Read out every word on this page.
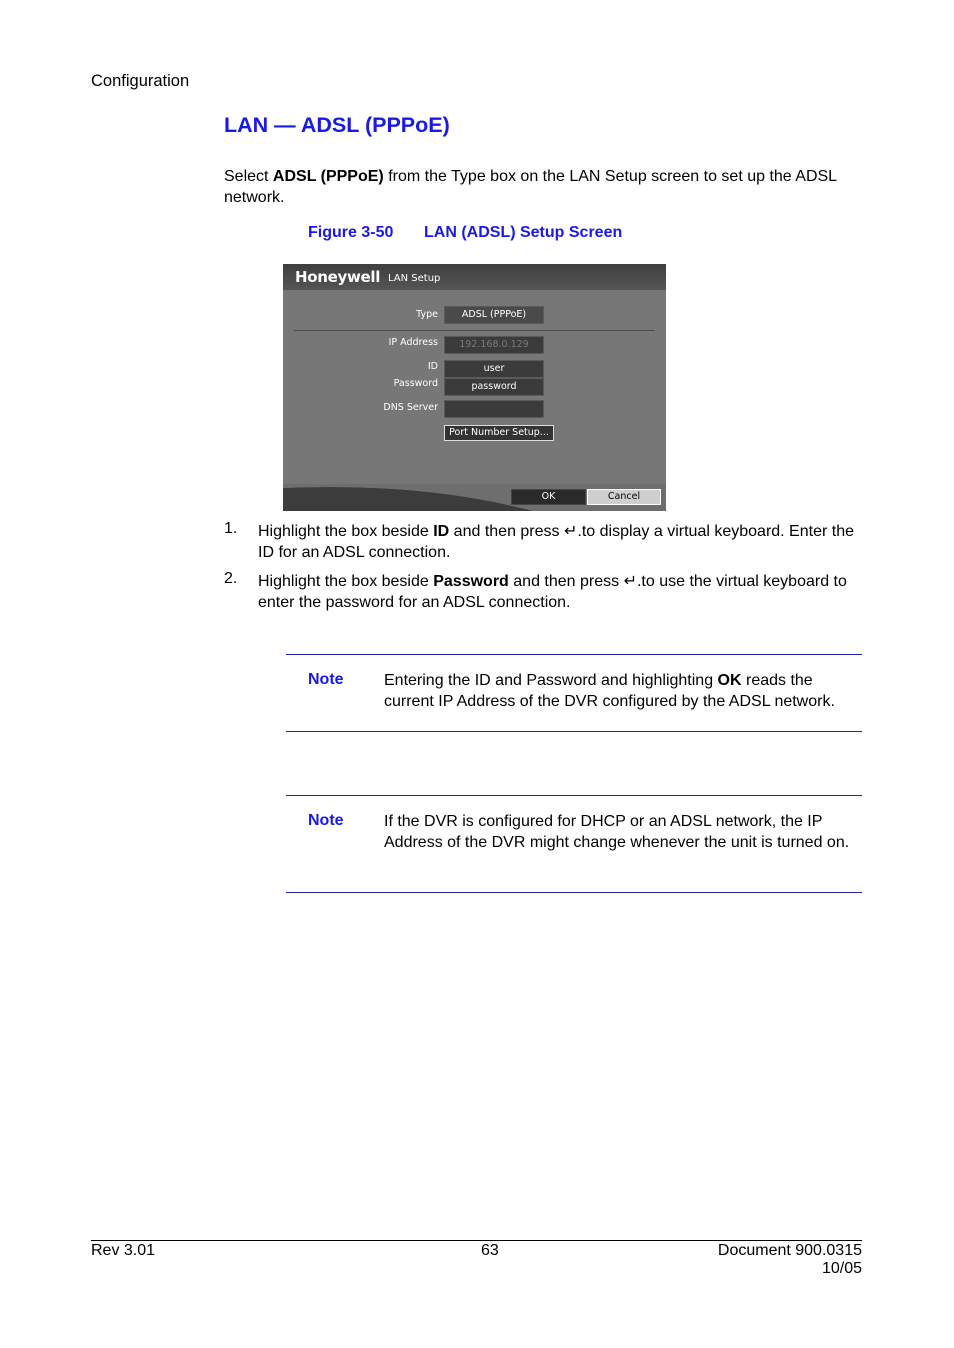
Configuration
LAN — ADSL (PPPoE)
Select ADSL (PPPoE) from the Type box on the LAN Setup screen to set up the ADSL network.
Figure 3-50 LAN (ADSL) Setup Screen
Honeywell LAN Setup
Type	ADSL (PPPoE)
IP Address	192.168.0.129
ID	user
Password	password
DNS Server
Port Number Setup...
OK	Cancel
1. Highlight the box beside ID and then press ↵.to display a virtual keyboard. Enter the ID for an ADSL connection.
2. Highlight the box beside Password and then press ↵.to use the virtual keyboard to enter the password for an ADSL connection.
Note	Entering the ID and Password and highlighting OK reads the current IP Address of the DVR configured by the ADSL network.
Note	If the DVR is configured for DHCP or an ADSL network, the IP Address of the DVR might change whenever the unit is turned on.
Rev 3.01	63	Document 900.0315
10/05
